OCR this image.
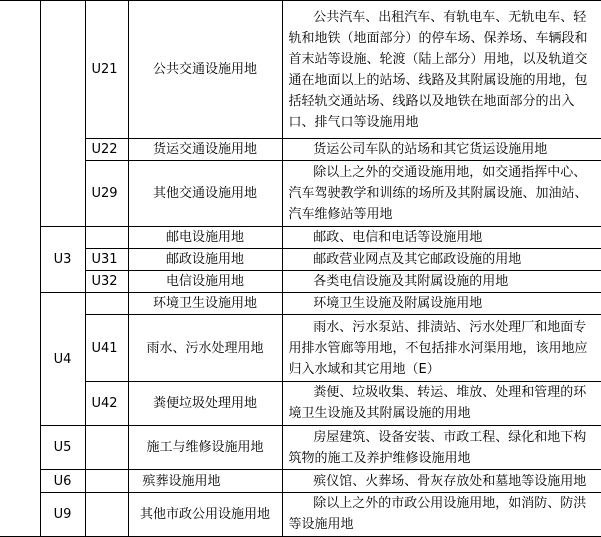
		U21	公共交通设施用地	公共汽车、出租汽车、有轨电车、无轨电车、轻轨和地铁（地面部分）的停车场、保养场、车辆段和首末站等设施、轮渡（陆上部分）用地，以及轨道交通在地面以上的站场、线路及其附属设施的用地，包括轻轨交通站场、线路以及地铁在地面部分的出入口、排气口等设施用地
		U22	货运交通设施用地	货运公司车队的站场和其它货运设施用地
		U29	其他交通设施用地	除以上之外的交通设施用地，如交通指挥中心、汽车驾驶教学和训练的场所及其附属设施、加油站、汽车维修站等用地
	U3		邮电设施用地	邮政、电信和电话等设施用地
		U31	邮政设施用地	邮政营业网点及其它邮政设施的用地
		U32	电信设施用地	各类电信设施及其附属设施的用地
	U4		环境卫生设施用地	环境卫生设施及附属设施用地
		U41	雨水、污水处理用地	雨水、污水泵站、排渍站、污水处理厂和地面专用排水管廊等用地，不包括排水河渠用地，该用地应归入水域和其它用地（E）
		U42	粪便垃圾处理用地	粪便、垃圾收集、转运、堆放、处理和管理的环境卫生设施及其附属设施的用地
	U5		施工与维修设施用地	房屋建筑、设备安装、市政工程、绿化和地下构筑物的施工及养护维修设施用地
	U6		殡葬设施用地	殡仪馆、火葬场、骨灰存放处和墓地等设施用地
	U9		其他市政公用设施用地	除以上之外的市政公用设施用地，如消防、防洪等设施用地
